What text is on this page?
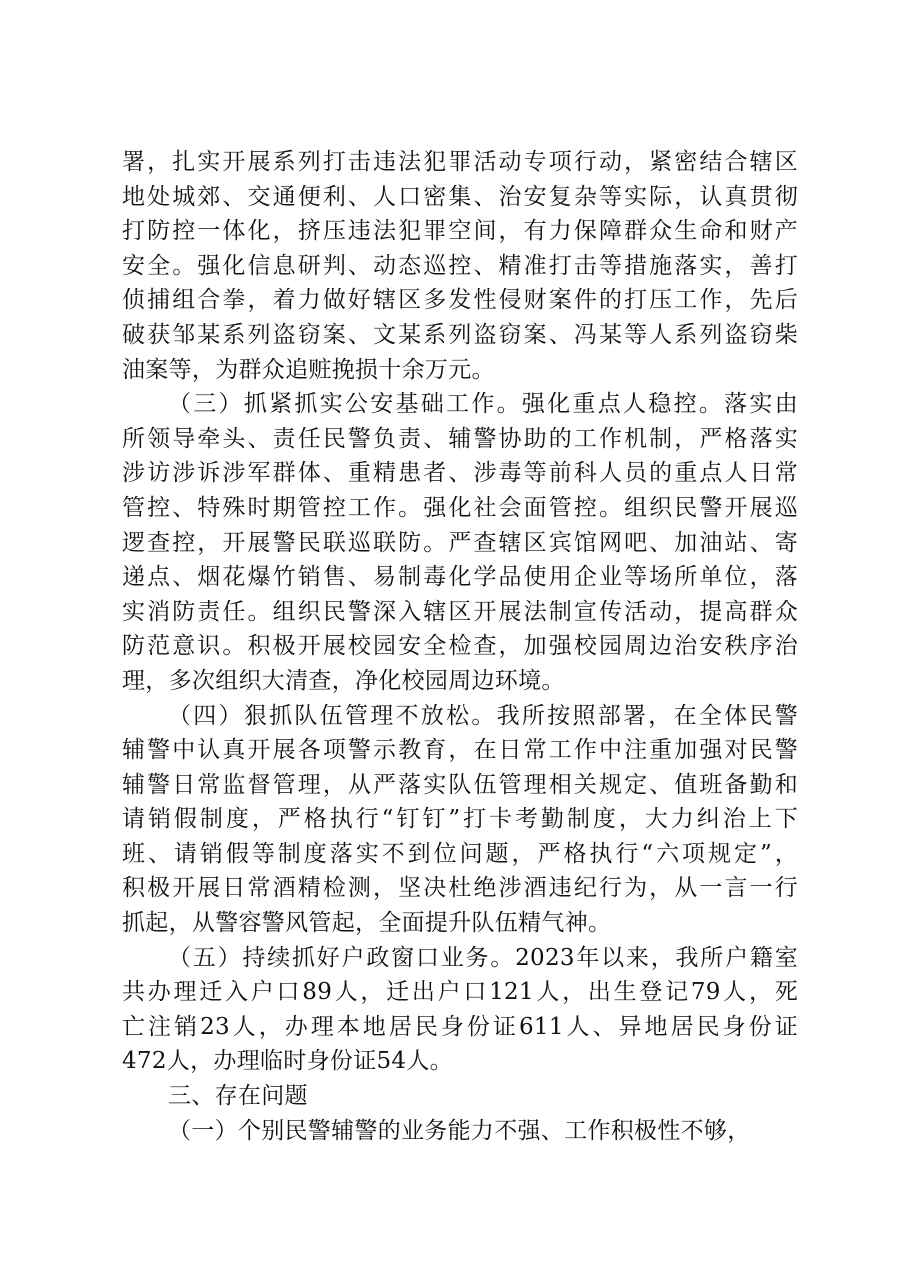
署，扎实开展系列打击违法犯罪活动专项行动，紧密结合辖区
地处城郊、交通便利、人口密集、治安复杂等实际，认真贯彻
打防控一体化，挤压违法犯罪空间，有力保障群众生命和财产
安全。强化信息研判、动态巡控、精准打击等措施落实，善打
侦捕组合拳，着力做好辖区多发性侵财案件的打压工作，先后
破获邹某系列盗窃案、文某系列盗窃案、冯某等人系列盗窃柴
油案等，为群众追赃挽损十余万元。
（三）抓紧抓实公安基础工作。强化重点人稳控。落实由
所领导牵头、责任民警负责、辅警协助的工作机制，严格落实
涉访涉诉涉军群体、重精患者、涉毒等前科人员的重点人日常
管控、特殊时期管控工作。强化社会面管控。组织民警开展巡
逻查控，开展警民联巡联防。严查辖区宾馆网吧、加油站、寄
递点、烟花爆竹销售、易制毒化学品使用企业等场所单位，落
实消防责任。组织民警深入辖区开展法制宣传活动，提高群众
防范意识。积极开展校园安全检查，加强校园周边治安秩序治
理，多次组织大清查，净化校园周边环境。
（四）狠抓队伍管理不放松。我所按照部署，在全体民警
辅警中认真开展各项警示教育，在日常工作中注重加强对民警
辅警日常监督管理，从严落实队伍管理相关规定、值班备勤和
请销假制度，严格执行“钉钉”打卡考勤制度，大力纠治上下
班、请销假等制度落实不到位问题，严格执行“六项规定”，
积极开展日常酒精检测，坚决杜绝涉酒违纪行为，从一言一行
抓起，从警容警风管起，全面提升队伍精气神。
（五）持续抓好户政窗口业务。2023年以来，我所户籍室
共办理迁入户口89人，迁出户口121人，出生登记79人，死
亡注销23人，办理本地居民身份证611人、异地居民身份证
472人，办理临时身份证54人。
三、存在问题
（一）个别民警辅警的业务能力不强、工作积极性不够，
